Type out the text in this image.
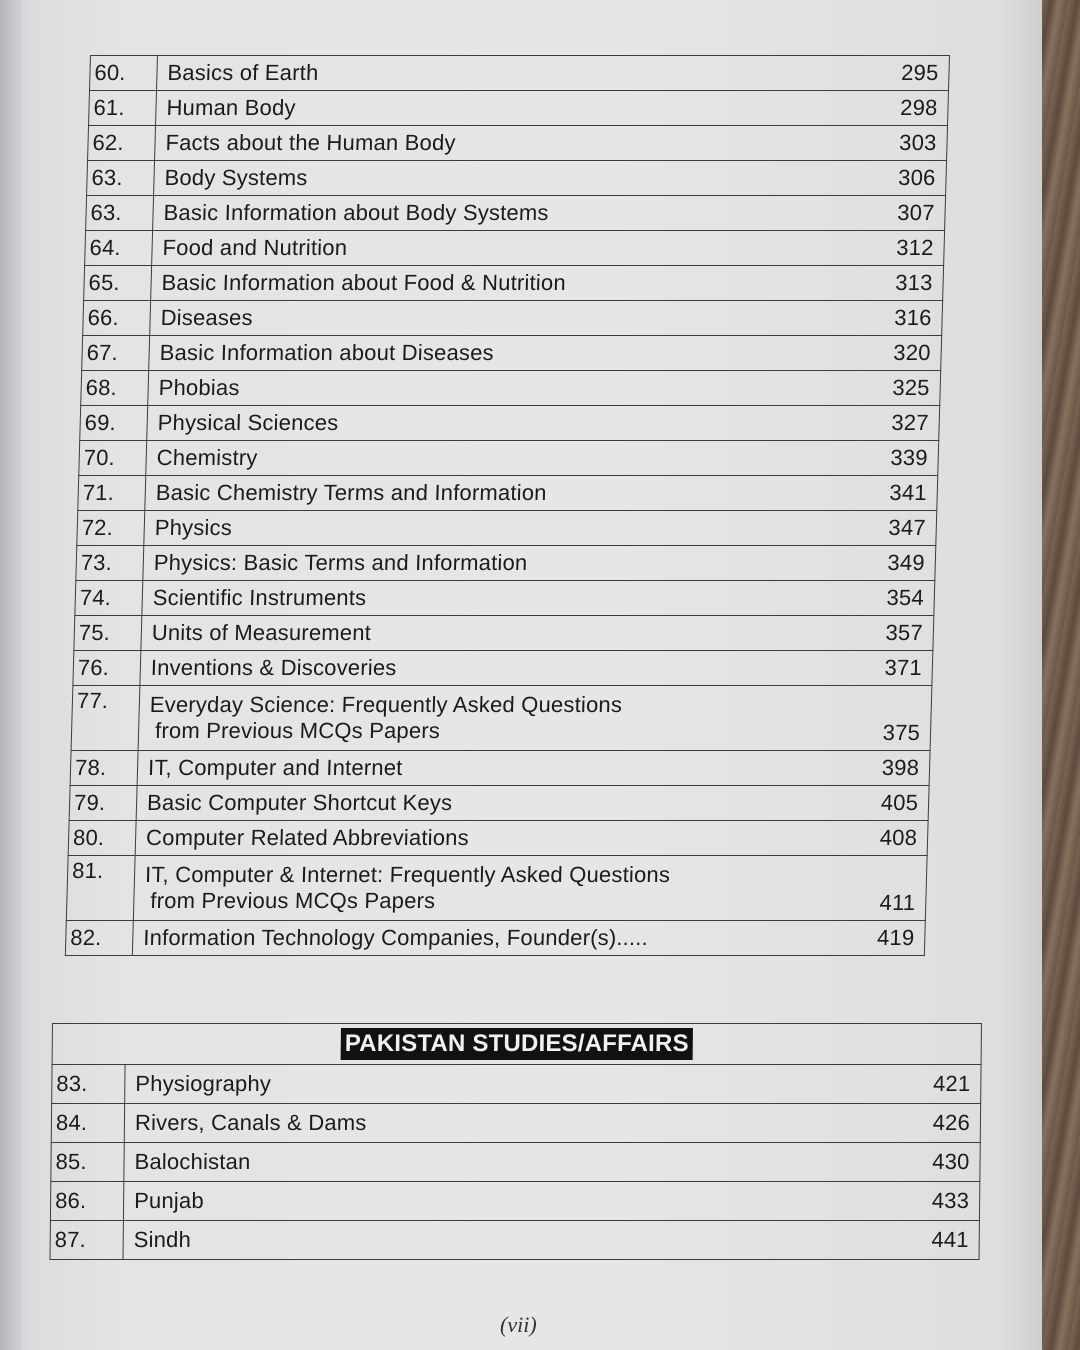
60.	Basics of Earth	295
61.	Human Body	298
62.	Facts about the Human Body	303
63.	Body Systems	306
63.	Basic Information about Body Systems	307
64.	Food and Nutrition	312
65.	Basic Information about Food & Nutrition	313
66.	Diseases	316
67.	Basic Information about Diseases	320
68.	Phobias	325
69.	Physical Sciences	327
70.	Chemistry	339
71.	Basic Chemistry Terms and Information	341
72.	Physics	347
73.	Physics: Basic Terms and Information	349
74.	Scientific Instruments	354
75.	Units of Measurement	357
76.	Inventions & Discoveries	371
77.	Everyday Science: Frequently Asked Questions
from Previous MCQs Papers	375
78.	IT, Computer and Internet	398
79.	Basic Computer Shortcut Keys	405
80.	Computer Related Abbreviations	408
81.	IT, Computer & Internet: Frequently Asked Questions
from Previous MCQs Papers	411
82.	Information Technology Companies, Founder(s).....	419
PAKISTAN STUDIES/AFFAIRS		
83.	Physiography	421
84.	Rivers, Canals & Dams	426
85.	Balochistan	430
86.	Punjab	433
87.	Sindh	441
(vii)
